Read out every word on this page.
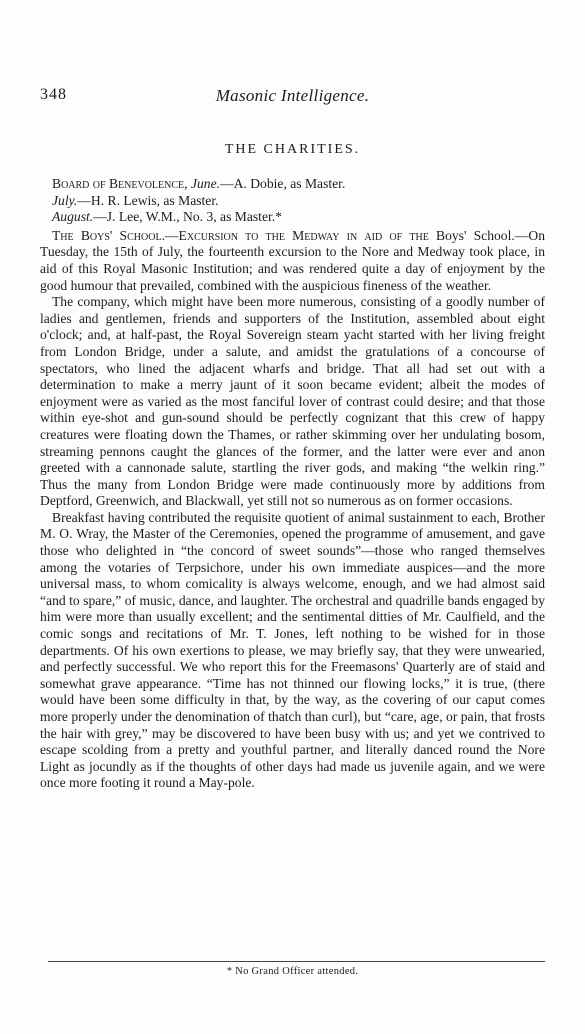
348	Masonic Intelligence.
THE CHARITIES.

Board of Benevolence, June.—A. Dobie, as Master.

July.—H. R. Lewis, as Master.

August.—J. Lee, W.M., No. 3, as Master.*

The Boys' School.—Excursion to the Medway in aid of the Boys' School.—On Tuesday, the 15th of July, the fourteenth excursion to the Nore and Medway took place, in aid of this Royal Masonic Institution; and was rendered quite a day of enjoyment by the good humour that prevailed, combined with the auspicious fineness of the weather.

The company, which might have been more numerous, consisting of a goodly number of ladies and gentlemen, friends and supporters of the Institution, assembled about eight o'clock; and, at half-past, the Royal Sovereign steam yacht started with her living freight from London Bridge, under a salute, and amidst the gratulations of a concourse of spectators, who lined the adjacent wharfs and bridge. That all had set out with a determination to make a merry jaunt of it soon became evident; albeit the modes of enjoyment were as varied as the most fanciful lover of contrast could desire; and that those within eye-shot and gun-sound should be perfectly cognizant that this crew of happy creatures were floating down the Thames, or rather skimming over her undulating bosom, streaming pennons caught the glances of the former, and the latter were ever and anon greeted with a cannonade salute, startling the river gods, and making “the welkin ring.” Thus the many from London Bridge were made continuously more by additions from Deptford, Greenwich, and Blackwall, yet still not so numerous as on former occasions.

Breakfast having contributed the requisite quotient of animal sustainment to each, Brother M. O. Wray, the Master of the Ceremonies, opened the programme of amusement, and gave those who delighted in “the concord of sweet sounds”—those who ranged themselves among the votaries of Terpsichore, under his own immediate auspices—and the more universal mass, to whom comicality is always welcome, enough, and we had almost said “and to spare,” of music, dance, and laughter. The orchestral and quadrille bands engaged by him were more than usually excellent; and the sentimental ditties of Mr. Caulfield, and the comic songs and recitations of Mr. T. Jones, left nothing to be wished for in those departments. Of his own exertions to please, we may briefly say, that they were unwearied, and perfectly successful. We who report this for the Freemasons' Quarterly are of staid and somewhat grave appearance. “Time has not thinned our flowing locks,” it is true, (there would have been some difficulty in that, by the way, as the covering of our caput comes more properly under the denomination of thatch than curl), but “care, age, or pain, that frosts the hair with grey,” may be discovered to have been busy with us; and yet we contrived to escape scolding from a pretty and youthful partner, and literally danced round the Nore Light as jocundly as if the thoughts of other days had made us juvenile again, and we were once more footing it round a May-pole.

* No Grand Officer attended.
